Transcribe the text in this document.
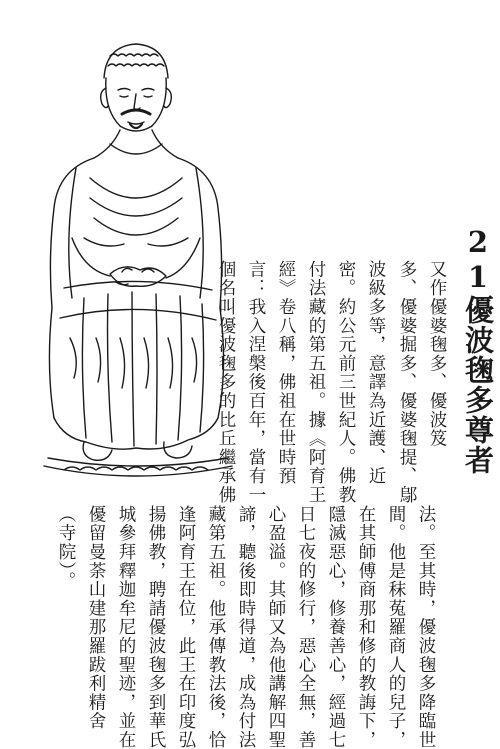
21優波毱多尊者
又作優婆毱多、優波笈
多、優婆掘多、優婆毱提、鄔
波級多等，意譯為近護、近
密。約公元前三世紀人。佛教
付法藏的第五祖。據《阿育王
經》卷八稱，佛祖在世時預
言：我入涅槃後百年，當有一
個名叫優波毱多的比丘繼承佛
法。至其時，優波毱多降臨世
間。他是秣菟羅商人的兒子，
在其師傅商那和修的教誨下，
隱滅惡心，修養善心，經過七
日七夜的修行，惡心全無，善
心盈溢。其師又為他講解四聖
諦，聽後即時得道，成為付法
藏第五祖。他承傳教法後，恰
逢阿育王在位，此王在印度弘
揚佛教，聘請優波毱多到華氏
城參拜釋迦牟尼的聖迹，並在
優留曼荼山建那羅跋利精舍
（寺院）。
